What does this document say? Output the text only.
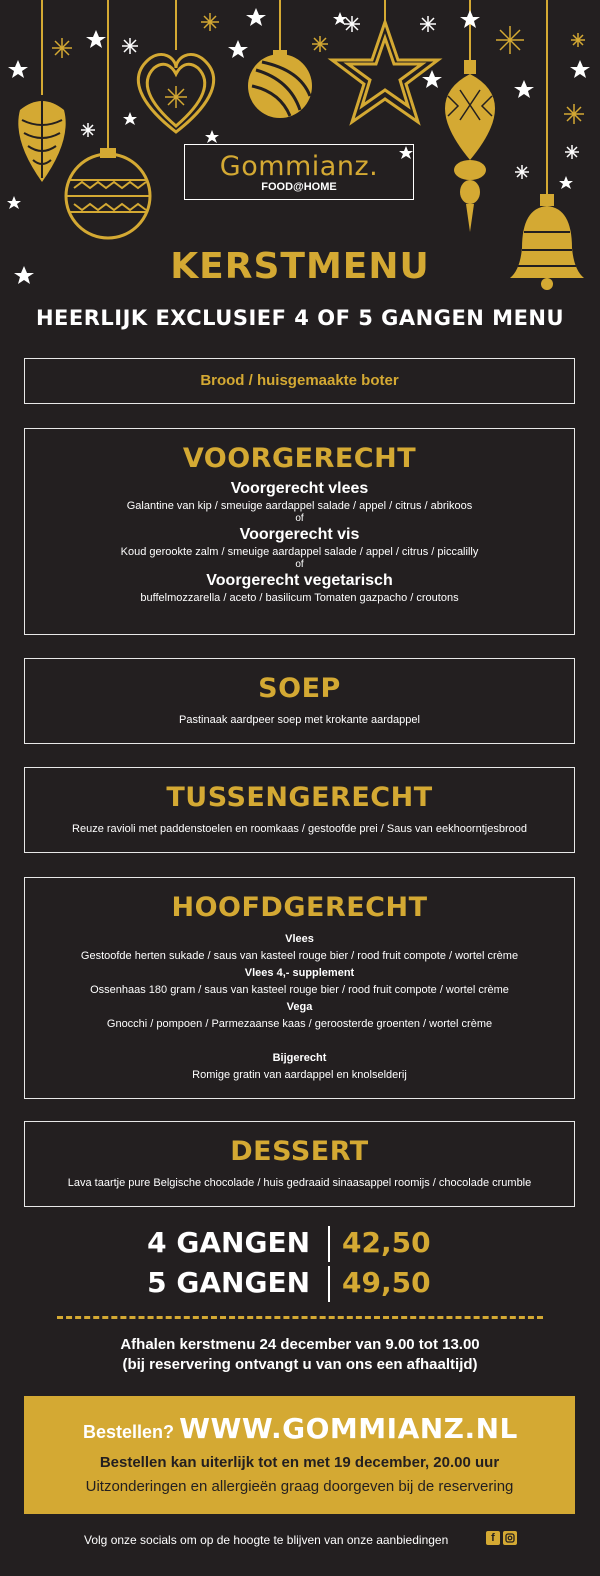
Gommianz.
FOOD@HOME
KERSTMENU
HEERLIJK EXCLUSIEF 4 OF 5 GANGEN MENU
Brood / huisgemaakte boter
VOORGERECHT
Voorgerecht vlees
Galantine van kip / smeuige aardappel salade / appel / citrus / abrikoos
of
Voorgerecht vis
Koud gerookte zalm / smeuige aardappel salade / appel / citrus / piccalilly
of
Voorgerecht vegetarisch
buffelmozzarella / aceto / basilicum Tomaten gazpacho / croutons
SOEP
Pastinaak aardpeer soep met krokante aardappel
TUSSENGERECHT
Reuze ravioli met paddenstoelen en roomkaas / gestoofde prei / Saus van eekhoorntjesbrood
HOOFDGERECHT
Vlees
Gestoofde herten sukade / saus van kasteel rouge bier / rood fruit compote / wortel crème
Vlees 4,- supplement
Ossenhaas 180 gram / saus van kasteel rouge bier / rood fruit compote / wortel crème
Vega
Gnocchi / pompoen / Parmezaanse kaas / geroosterde groenten / wortel crème
Bijgerecht
Romige gratin van aardappel en knolselderij
DESSERT
Lava taartje pure Belgische chocolade / huis gedraaid sinaasappel roomijs / chocolade crumble
4 GANGEN 42,50
5 GANGEN 49,50
Afhalen kerstmenu 24 december van 9.00 tot 13.00
(bij reservering ontvangt u van ons een afhaaltijd)
Bestellen? WWW.GOMMIANZ.NL
Bestellen kan uiterlijk tot en met 19 december, 20.00 uur
Uitzonderingen en allergieën graag doorgeven bij de reservering
Volg onze socials om op de hoogte te blijven van onze aanbiedingen	f
